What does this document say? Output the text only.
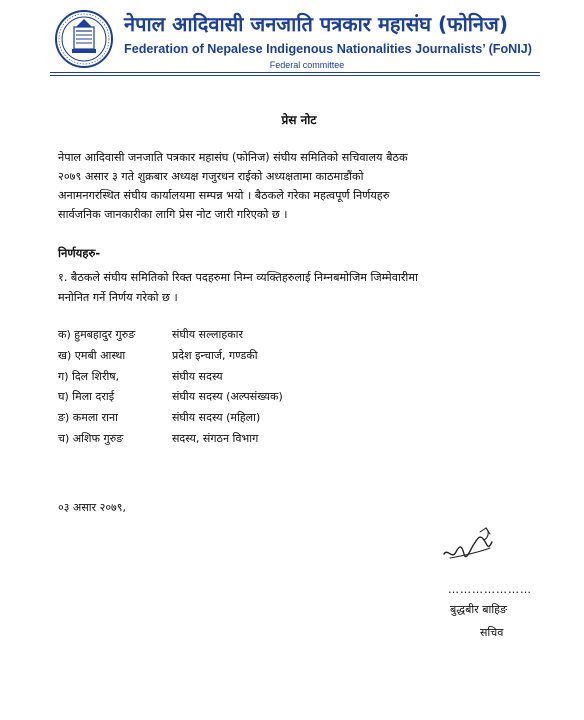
नेपाल आदिवासी जनजाति पत्रकार महासंघ (फोनिज)
Federation of Nepalese Indigenous Nationalities Journalists’ (FoNIJ)
Federal committee
प्रेस नोट
नेपाल आदिवासी जनजाति पत्रकार महासंघ (फोनिज) संघीय समितिको सचिवालय बैठक
२०७९ असार ३ गते शुक्रबार अध्यक्ष गजुरधन राईको अध्यक्षतामा काठमाडौंको
अनामनगरस्थित संघीय कार्यालयमा सम्पन्न भयो । बैठकले गरेका महत्वपूर्ण निर्णयहरु
सार्वजनिक जानकारीका लागि प्रेस नोट जारी गरिएको छ ।
निर्णयहरु-
१. बैठकले संघीय समितिको रिक्त पदहरुमा निम्न व्यक्तिहरुलाई निम्नबमोजिम जिम्मेवारीमा
मनोनित गर्ने निर्णय गरेको छ ।
क) हुमबहादुर गुरुङ	संघीय सल्लाहकार
ख) एमबी आस्था	प्रदेश इन्चार्ज, गण्डकी
ग) दिल शिरीष,	संघीय सदस्य
घ) मिला दराई	संघीय सदस्य (अल्पसंख्यक)
ङ) कमला राना	संघीय सदस्य (महिला)
च) अशिफ गुरुङ	सदस्य, संगठन विभाग
०३ असार २०७९,
…………………
बुद्धबीर बाहिङ
सचिव
